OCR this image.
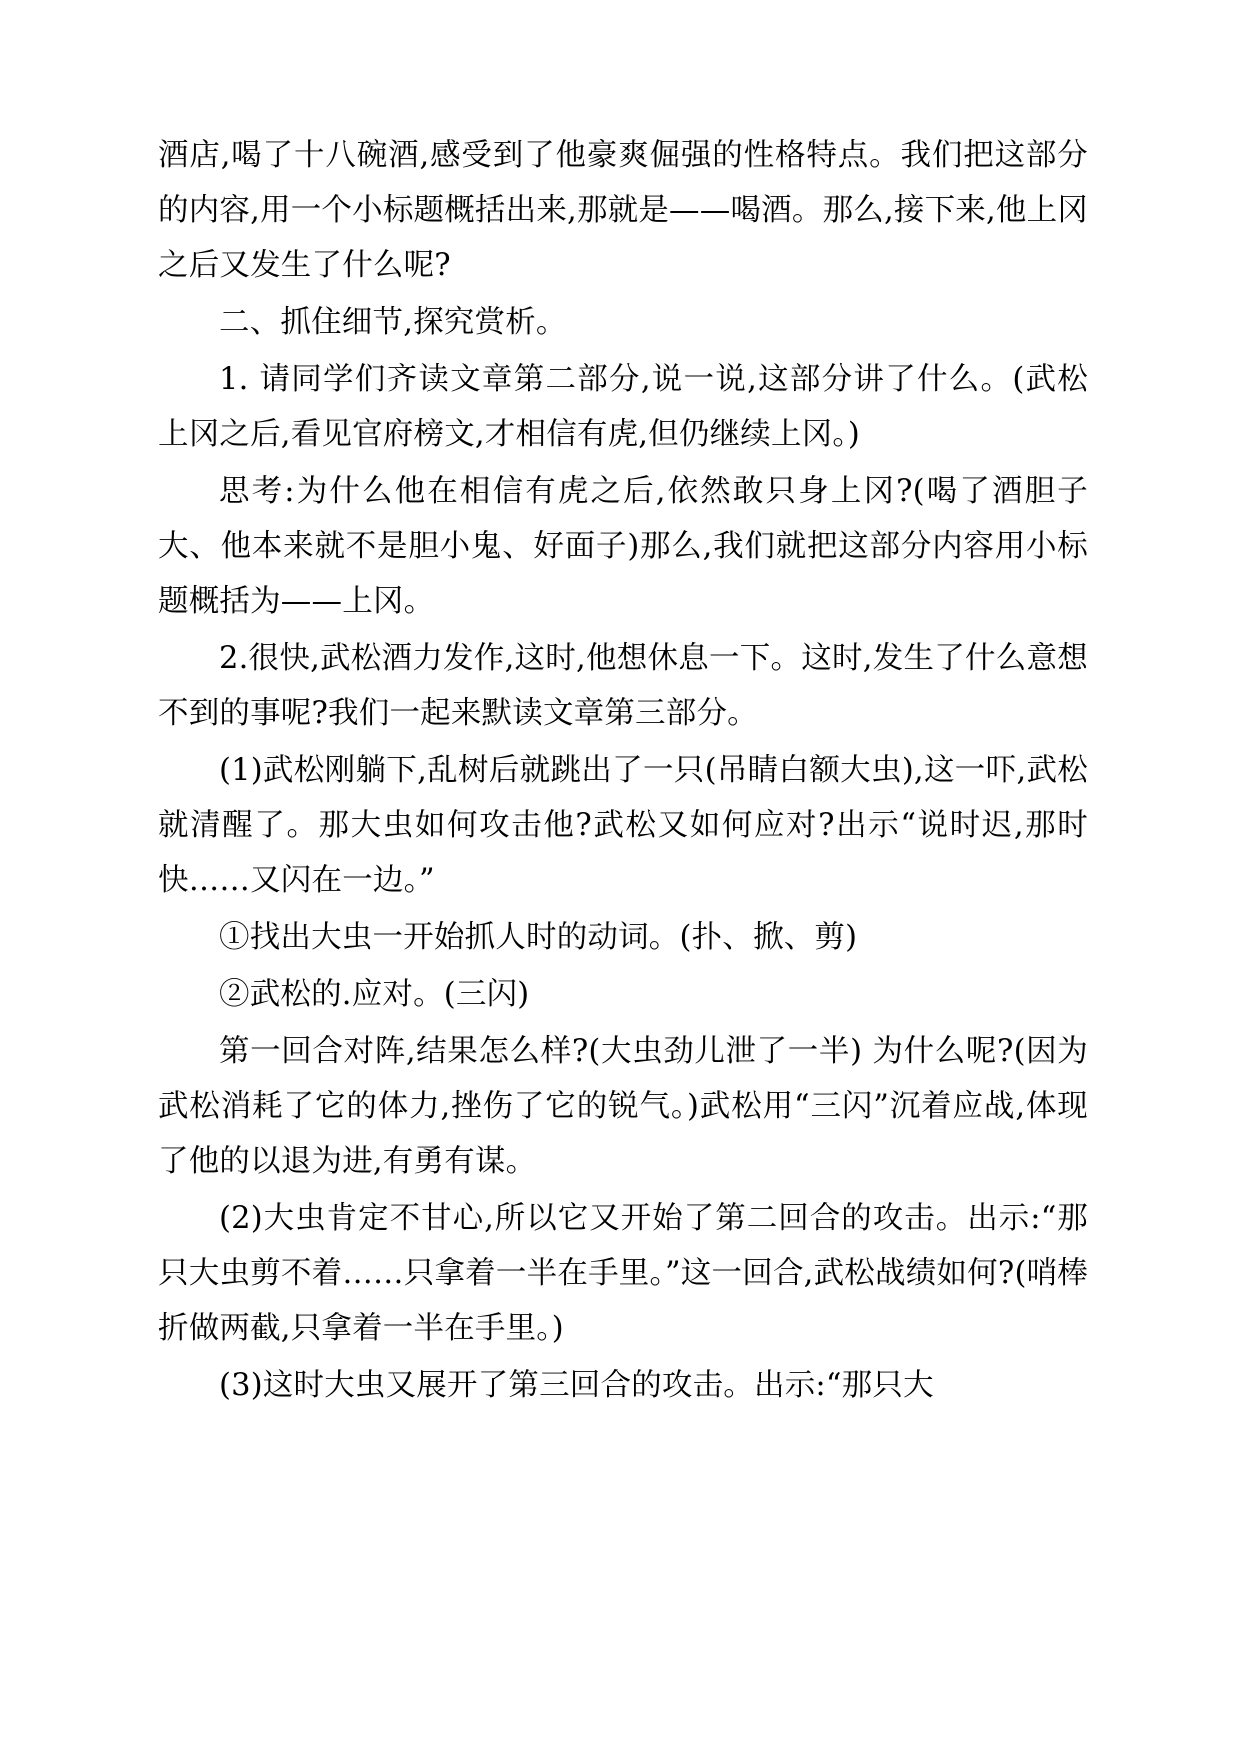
酒店,喝了十八碗酒,感受到了他豪爽倔强的性格特点。我们把这部分的内容,用一个小标题概括出来,那就是——喝酒。那么,接下来,他上冈之后又发生了什么呢?

二、抓住细节,探究赏析。

1. 请同学们齐读文章第二部分,说一说,这部分讲了什么。(武松上冈之后,看见官府榜文,才相信有虎,但仍继续上冈。)

思考:为什么他在相信有虎之后,依然敢只身上冈?(喝了酒胆子大、他本来就不是胆小鬼、好面子)那么,我们就把这部分内容用小标题概括为——上冈。

2.很快,武松酒力发作,这时,他想休息一下。这时,发生了什么意想不到的事呢?我们一起来默读文章第三部分。

(1)武松刚躺下,乱树后就跳出了一只(吊睛白额大虫),这一吓,武松就清醒了。那大虫如何攻击他?武松又如何应对?出示“说时迟,那时快……又闪在一边。”

①找出大虫一开始抓人时的动词。(扑、掀、剪)

②武松的.应对。(三闪)

第一回合对阵,结果怎么样?(大虫劲儿泄了一半) 为什么呢?(因为武松消耗了它的体力,挫伤了它的锐气。)武松用“三闪”沉着应战,体现了他的以退为进,有勇有谋。

(2)大虫肯定不甘心,所以它又开始了第二回合的攻击。出示:“那只大虫剪不着……只拿着一半在手里。”这一回合,武松战绩如何?(哨棒折做两截,只拿着一半在手里。)

(3)这时大虫又展开了第三回合的攻击。出示:“那只大
